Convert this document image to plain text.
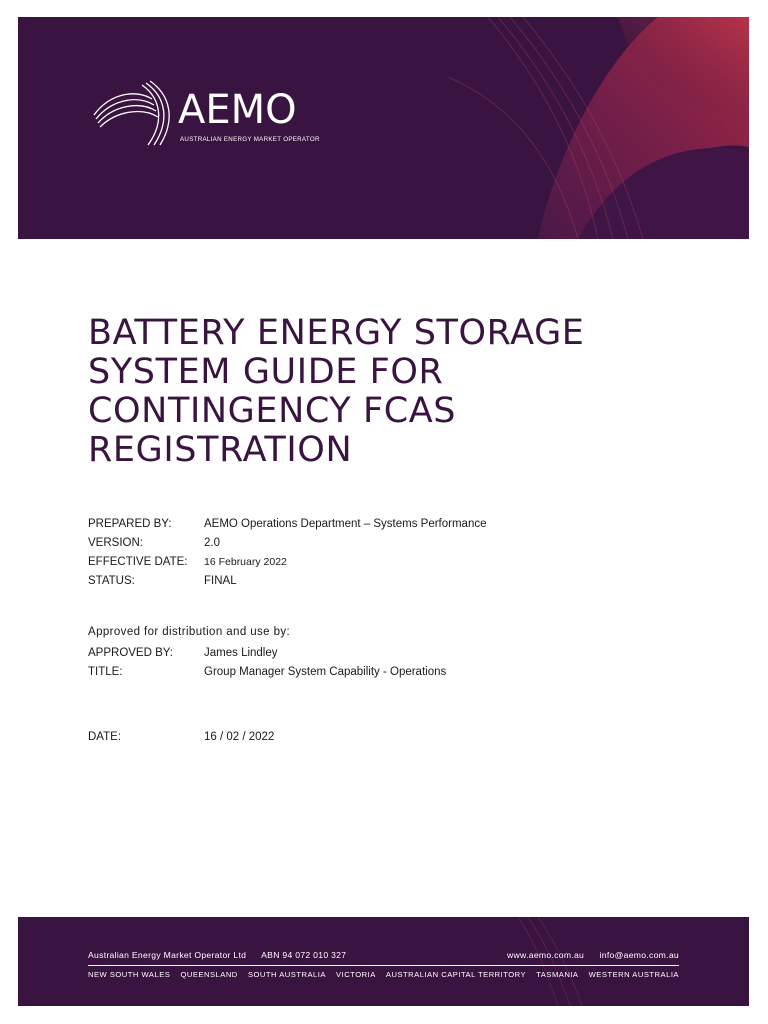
AEMO
AUSTRALIAN ENERGY MARKET OPERATOR
BATTERY ENERGY STORAGE
SYSTEM GUIDE FOR
CONTINGENCY FCAS
REGISTRATION
PREPARED BY:	AEMO Operations Department – Systems Performance
VERSION:	2.0
EFFECTIVE DATE:	16 February 2022
STATUS:	FINAL
Approved for distribution and use by:
APPROVED BY:	James Lindley
TITLE:	Group Manager System Capability - Operations
DATE:	16 / 02 / 2022
Australian Energy Market Operator Ltd ABN 94 072 010 327	www.aemo.com.au info@aemo.com.au
NEW SOUTH WALES QUEENSLAND SOUTH AUSTRALIA VICTORIA AUSTRALIAN CAPITAL TERRITORY TASMANIA WESTERN AUSTRALIA
